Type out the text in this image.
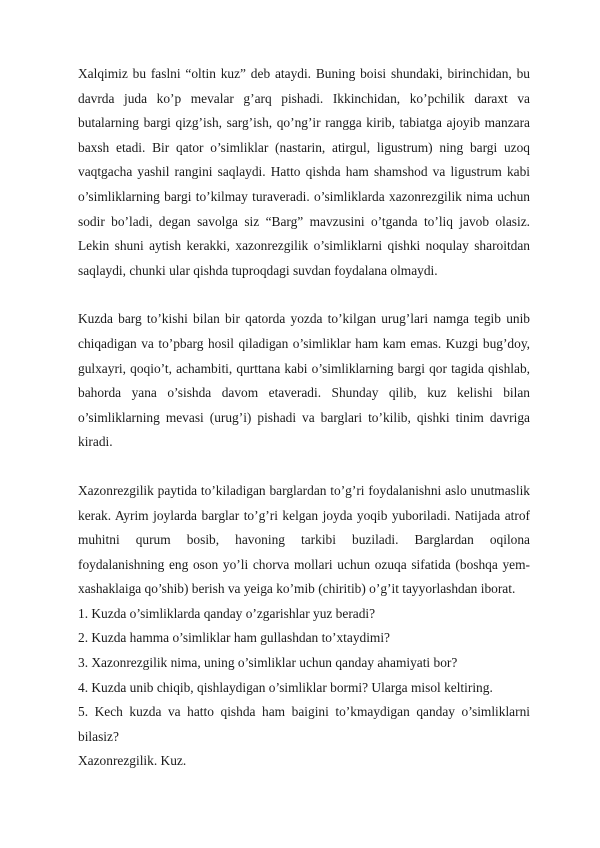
Xalqimiz bu faslni “oltin kuz” deb ataydi. Buning boisi shundaki, birinchidan, bu davrda juda ko’p mevalar g’arq pishadi. Ikkinchidan, ko’pchilik daraxt va butalarning bargi qizg’ish, sarg’ish, qo’ng’ir rangga kirib, tabiatga ajoyib manzara baxsh etadi. Bir qator o’simliklar (nastarin, atirgul, ligustrum) ning bargi uzoq vaqtgacha yashil rangini saqlaydi. Hatto qishda ham shamshod va ligustrum kabi o’simliklarning bargi to’kilmay turaveradi. o’simliklarda xazonrezgilik nima uchun sodir bo’ladi, degan savolga siz “Barg” mavzusini o’tganda to’liq javob olasiz. Lekin shuni aytish kerakki, xazonrezgilik o’simliklarni qishki noqulay sharoitdan saqlaydi, chunki ular qishda tuproqdagi suvdan foydalana olmaydi.

Kuzda barg to’kishi bilan bir qatorda yozda to’kilgan urug’lari namga tegib unib chiqadigan va to’pbarg hosil qiladigan o’simliklar ham kam emas. Kuzgi bug’doy, gulxayri, qoqio’t, achambiti, qurttana kabi o’simliklarning bargi qor tagida qishlab, bahorda yana o’sishda davom etaveradi. Shunday qilib, kuz kelishi bilan o’simliklarning mevasi (urug’i) pishadi va barglari to’kilib, qishki tinim davriga kiradi.

Xazonrezgilik paytida to’kiladigan barglardan to’g’ri foydalanishni aslo unutmaslik kerak. Ayrim joylarda barglar to’g’ri kelgan joyda yoqib yuboriladi. Natijada atrof muhitni qurum bosib, havoning tarkibi buziladi. Barglardan oqilona foydalanishning eng oson yo’li chorva mollari uchun ozuqa sifatida (boshqa yem-xashaklaiga qo’shib) berish va yeiga ko’mib (chiritib) o’g’it tayyorlashdan iborat.

1. Kuzda o’simliklarda qanday o’zgarishlar yuz beradi?
2. Kuzda hamma o’simliklar ham gullashdan to’xtaydimi?
3. Xazonrezgilik nima, uning o’simliklar uchun qanday ahamiyati bor?
4. Kuzda unib chiqib, qishlaydigan o’simliklar bormi? Ularga misol keltiring.
5. Kech kuzda va hatto qishda ham baigini to’kmaydigan qanday o’simliklarni bilasiz?

Xazonrezgilik. Kuz.
